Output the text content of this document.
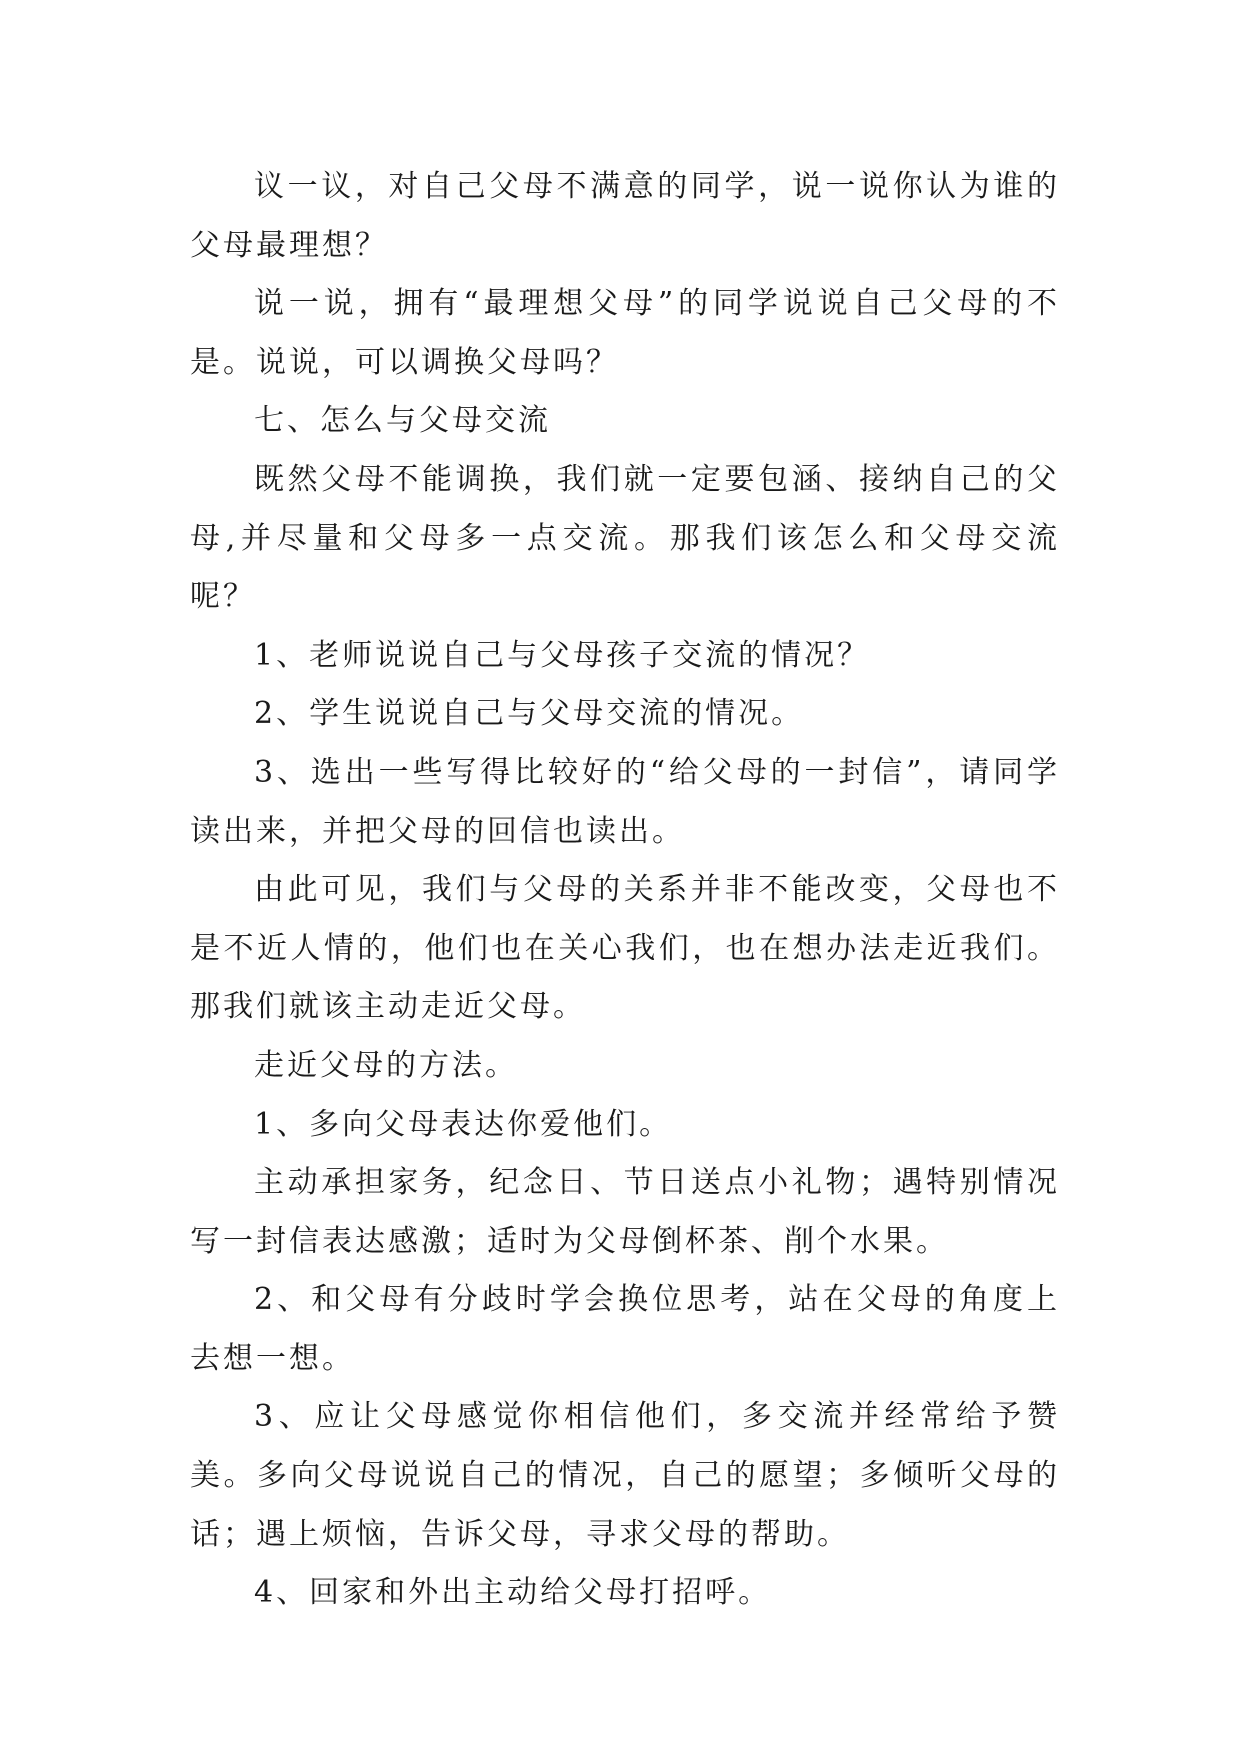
议一议，对自己父母不满意的同学，说一说你认为谁的父母最理想？

说一说，拥有“最理想父母”的同学说说自己父母的不是。说说，可以调换父母吗？

七、怎么与父母交流

既然父母不能调换，我们就一定要包涵、接纳自己的父母,并尽量和父母多一点交流。那我们该怎么和父母交流呢？

1、老师说说自己与父母孩子交流的情况？

2、学生说说自己与父母交流的情况。

3、选出一些写得比较好的“给父母的一封信”，请同学读出来，并把父母的回信也读出。

由此可见，我们与父母的关系并非不能改变，父母也不是不近人情的，他们也在关心我们，也在想办法走近我们。那我们就该主动走近父母。

走近父母的方法。

1、多向父母表达你爱他们。

主动承担家务，纪念日、节日送点小礼物；遇特别情况写一封信表达感激；适时为父母倒杯茶、削个水果。

2、和父母有分歧时学会换位思考，站在父母的角度上去想一想。

3、应让父母感觉你相信他们，多交流并经常给予赞美。多向父母说说自己的情况，自己的愿望；多倾听父母的话；遇上烦恼，告诉父母，寻求父母的帮助。

4、回家和外出主动给父母打招呼。
